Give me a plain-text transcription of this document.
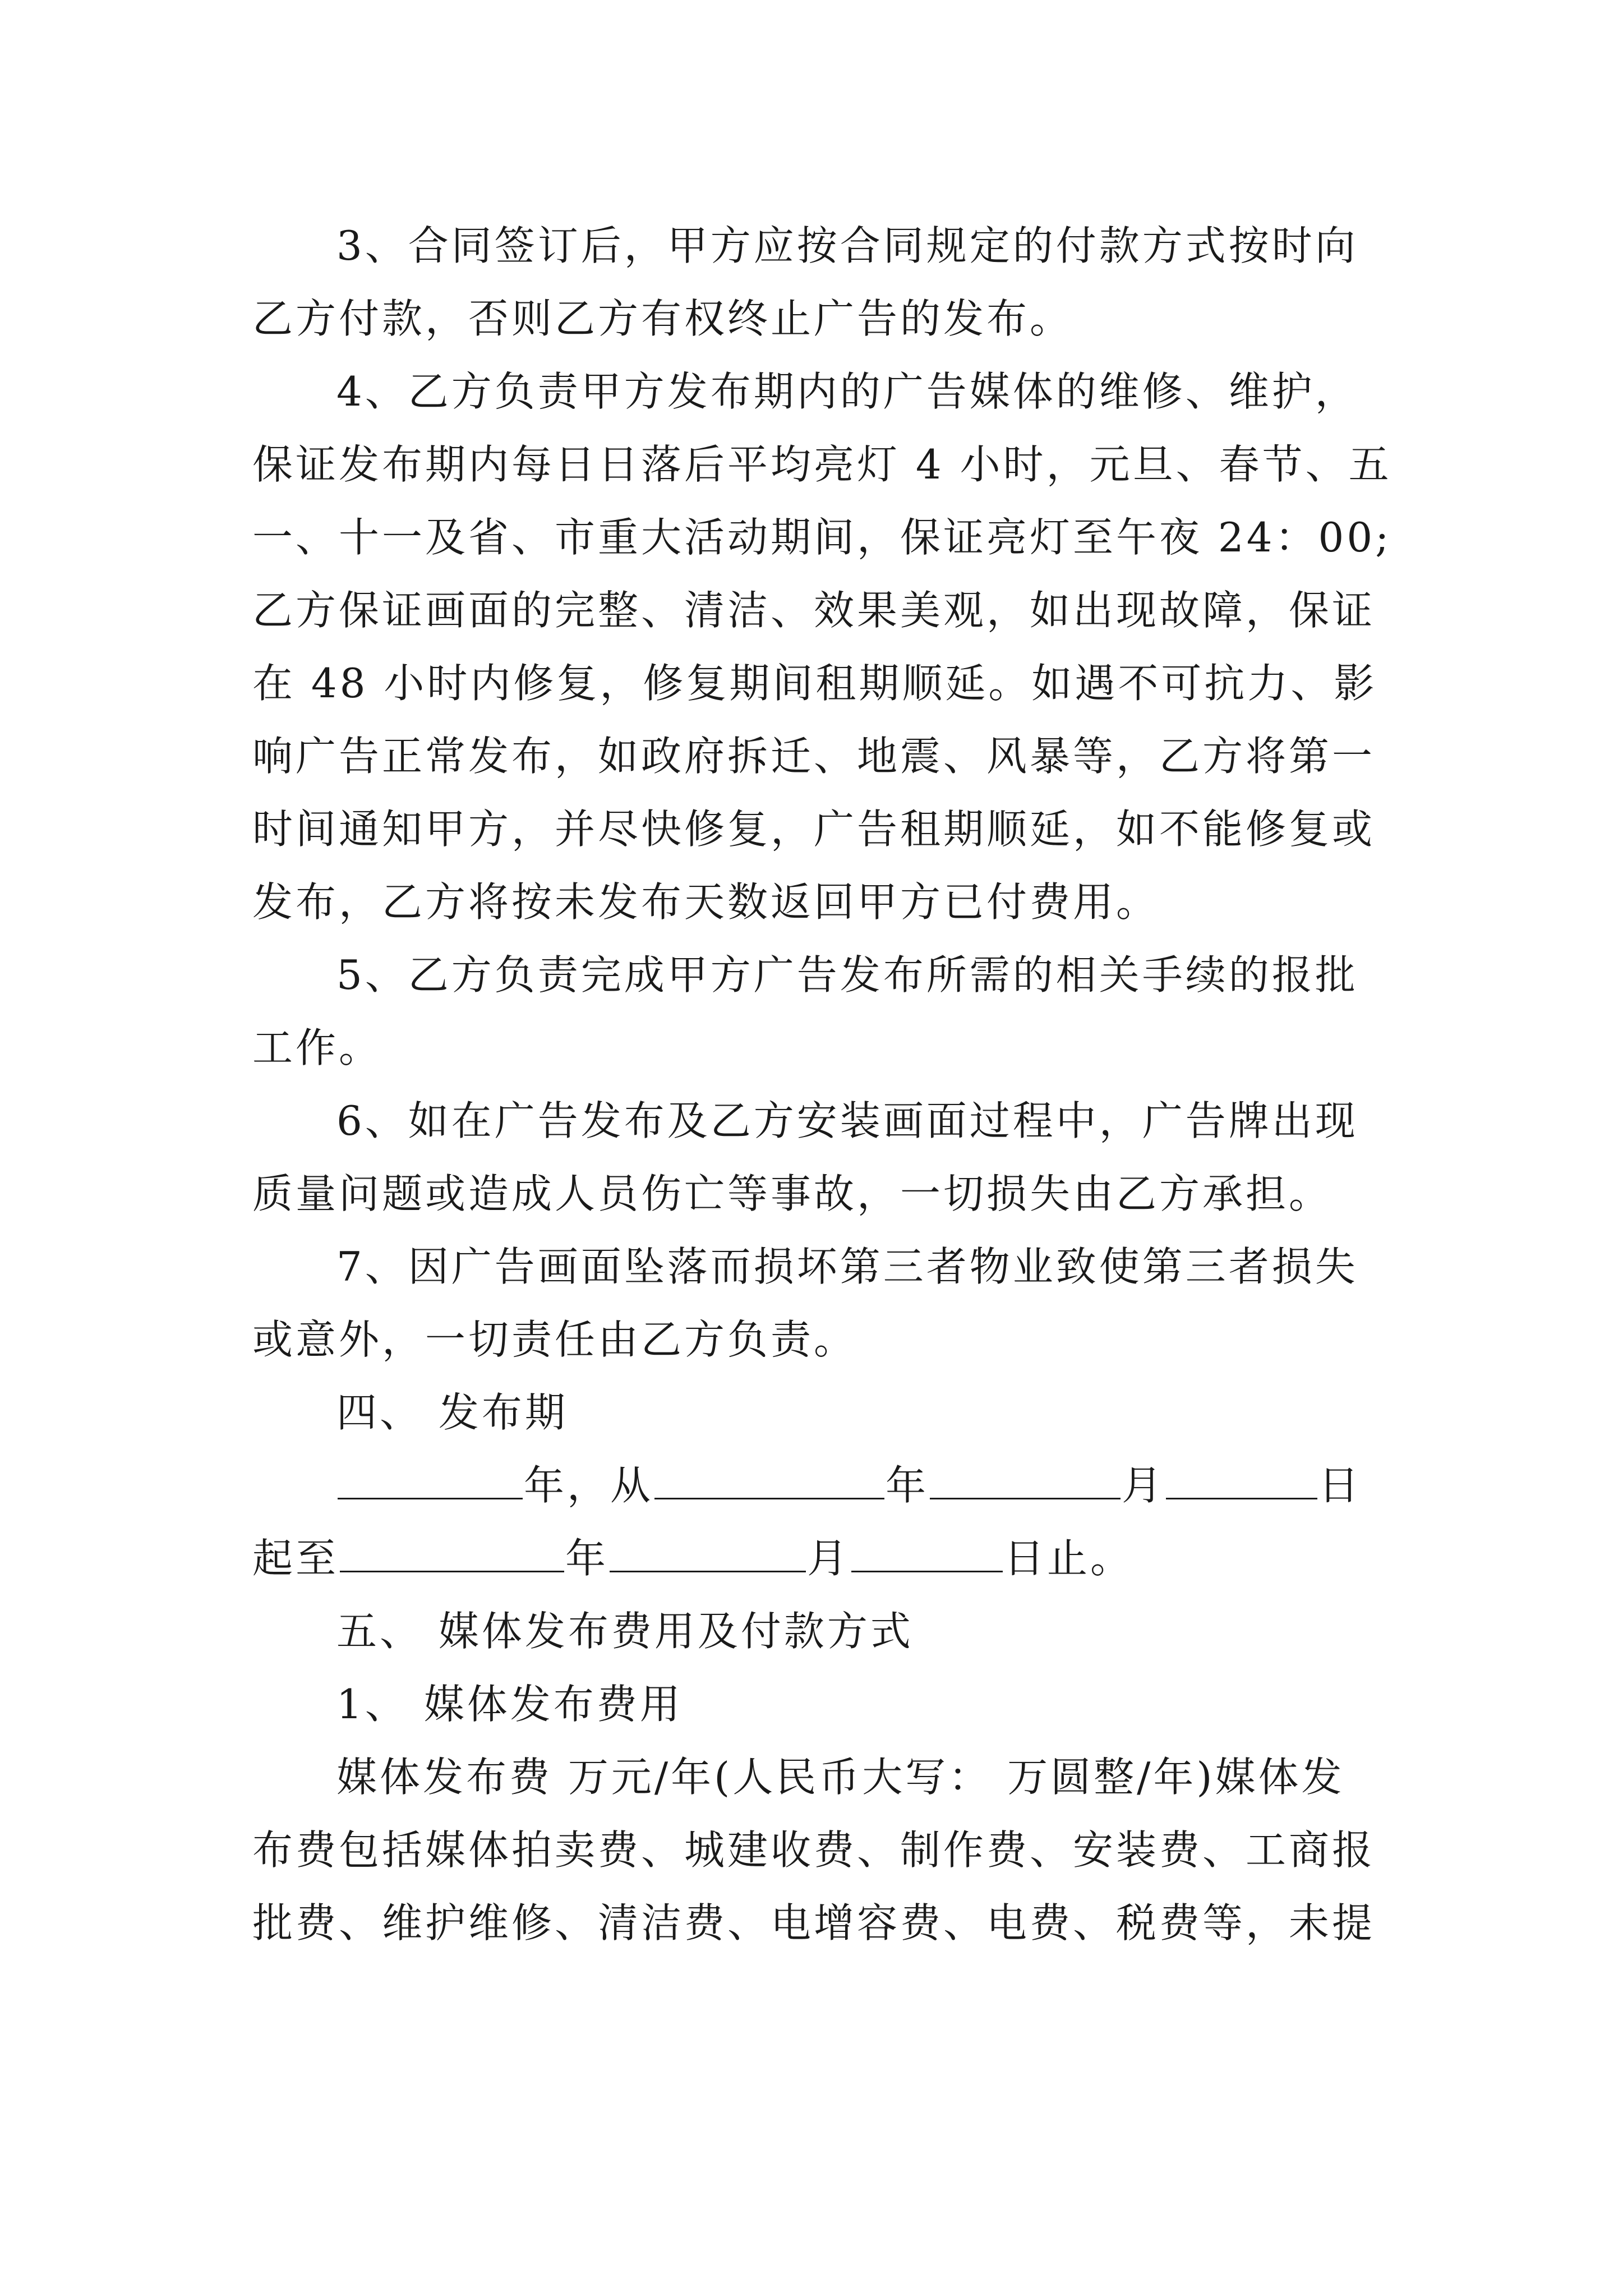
3、合同签订后，甲方应按合同规定的付款方式按时向
乙方付款，否则乙方有权终止广告的发布。
4、乙方负责甲方发布期内的广告媒体的维修、维护，
保证发布期内每日日落后平均亮灯 4 小时，元旦、春节、五
一、十一及省、市重大活动期间，保证亮灯至午夜 24：00;
乙方保证画面的完整、清洁、效果美观，如出现故障，保证
在 48 小时内修复，修复期间租期顺延。如遇不可抗力、影
响广告正常发布，如政府拆迁、地震、风暴等，乙方将第一
时间通知甲方，并尽快修复，广告租期顺延，如不能修复或
发布，乙方将按未发布天数返回甲方已付费用。
5、乙方负责完成甲方广告发布所需的相关手续的报批
工作。
6、如在广告发布及乙方安装画面过程中，广告牌出现
质量问题或造成人员伤亡等事故，一切损失由乙方承担。
7、因广告画面坠落而损坏第三者物业致使第三者损失
或意外，一切责任由乙方负责。
四、 发布期
年，从	年	月	日
起至	年	月	日止。
五、 媒体发布费用及付款方式
1、 媒体发布费用
媒体发布费 万元/年(人民币大写： 万圆整/年)媒体发
布费包括媒体拍卖费、城建收费、制作费、安装费、工商报
批费、维护维修、清洁费、电增容费、电费、税费等，未提
